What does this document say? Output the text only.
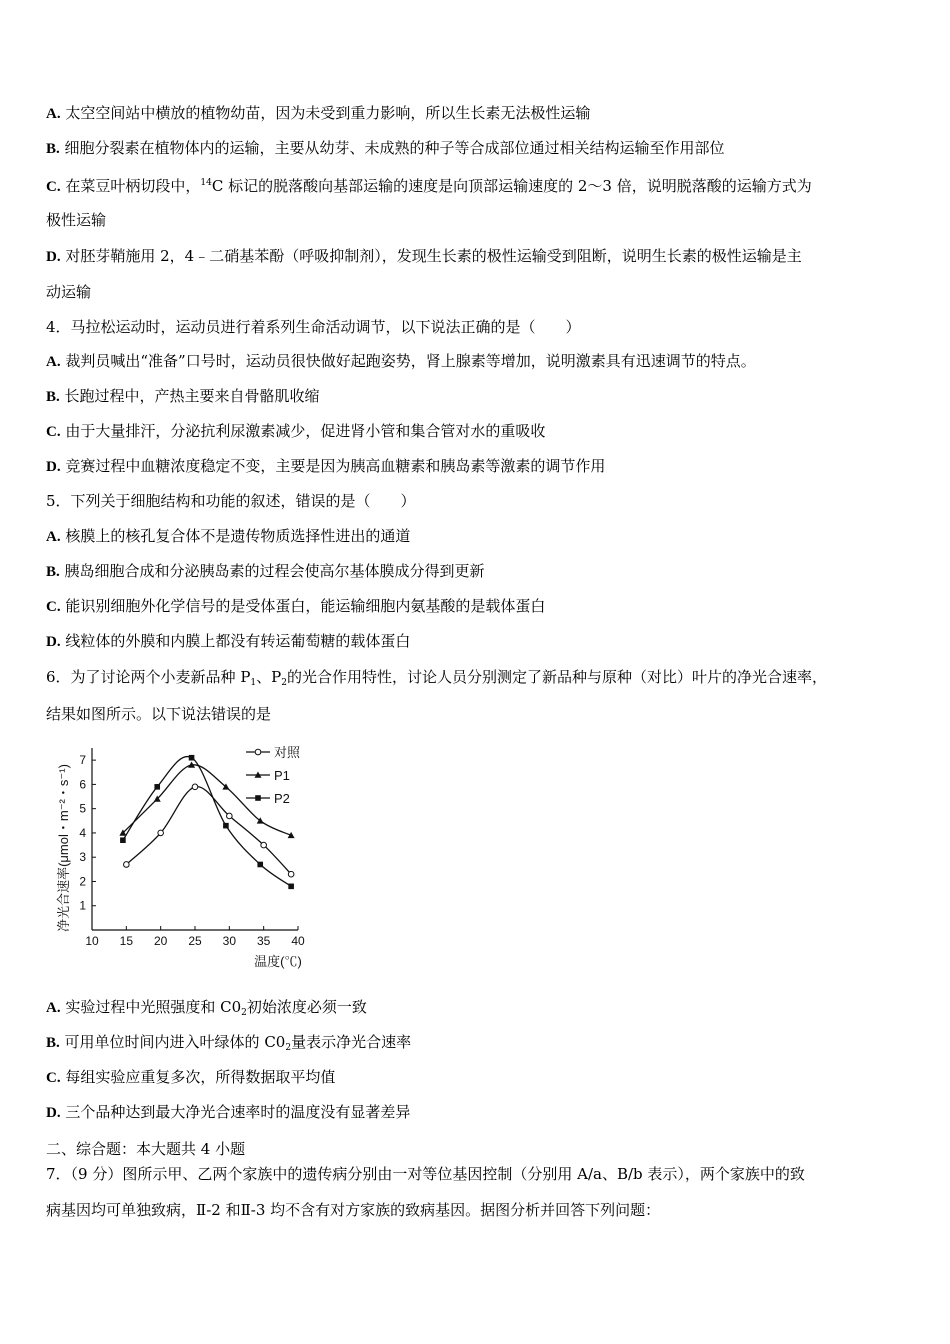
A. 太空空间站中横放的植物幼苗，因为未受到重力影响，所以生长素无法极性运输
B. 细胞分裂素在植物体内的运输，主要从幼芽、未成熟的种子等合成部位通过相关结构运输至作用部位
C. 在菜豆叶柄切段中，$^{14}$C 标记的脱落酸向基部运输的速度是向顶部运输速度的 2～3 倍，说明脱落酸的运输方式为
极性运输
D. 对胚芽鞘施用 2，4﹣二硝基苯酚（呼吸抑制剂），发现生长素的极性运输受到阻断，说明生长素的极性运输是主
动运输
4．马拉松运动时，运动员进行着系列生命活动调节，以下说法正确的是（　　）
A. 裁判员喊出“准备”口号时，运动员很快做好起跑姿势，肾上腺素等增加，说明激素具有迅速调节的特点。
B. 长跑过程中，产热主要来自骨骼肌收缩
C. 由于大量排汗，分泌抗利尿激素减少，促进肾小管和集合管对水的重吸收
D. 竞赛过程中血糖浓度稳定不变，主要是因为胰高血糖素和胰岛素等激素的调节作用
5．下列关于细胞结构和功能的叙述，错误的是（　　）
A. 核膜上的核孔复合体不是遗传物质选择性进出的通道
B. 胰岛细胞合成和分泌胰岛素的过程会使高尔基体膜成分得到更新
C. 能识别细胞外化学信号的是受体蛋白，能运输细胞内氨基酸的是载体蛋白
D. 线粒体的外膜和内膜上都没有转运葡萄糖的载体蛋白
6．为了讨论两个小麦新品种 $P_1$、$P_2$的光合作用特性，讨论人员分别测定了新品种与原种（对比）叶片的净光合速率，
结果如图所示。以下说法错误的是
10 15 20 25 30 35 40
1
2
3
4
5
6
7
对照
P1
P2
温度(℃)
净光合速率(μmol・m⁻²・s⁻¹)
A. 实验过程中光照强度和 $C0_2$初始浓度必须一致
B. 可用单位时间内进入叶绿体的 $C0_2$量表示净光合速率
C. 每组实验应重复多次，所得数据取平均值
D. 三个品种达到最大净光合速率时的温度没有显著差异
二、综合题：本大题共 4 小题
7．（9 分）图所示甲、乙两个家族中的遗传病分别由一对等位基因控制（分别用 A/a、B/b 表示），两个家族中的致
病基因均可单独致病，Ⅱ-2 和Ⅱ-3 均不含有对方家族的致病基因。据图分析并回答下列问题：
